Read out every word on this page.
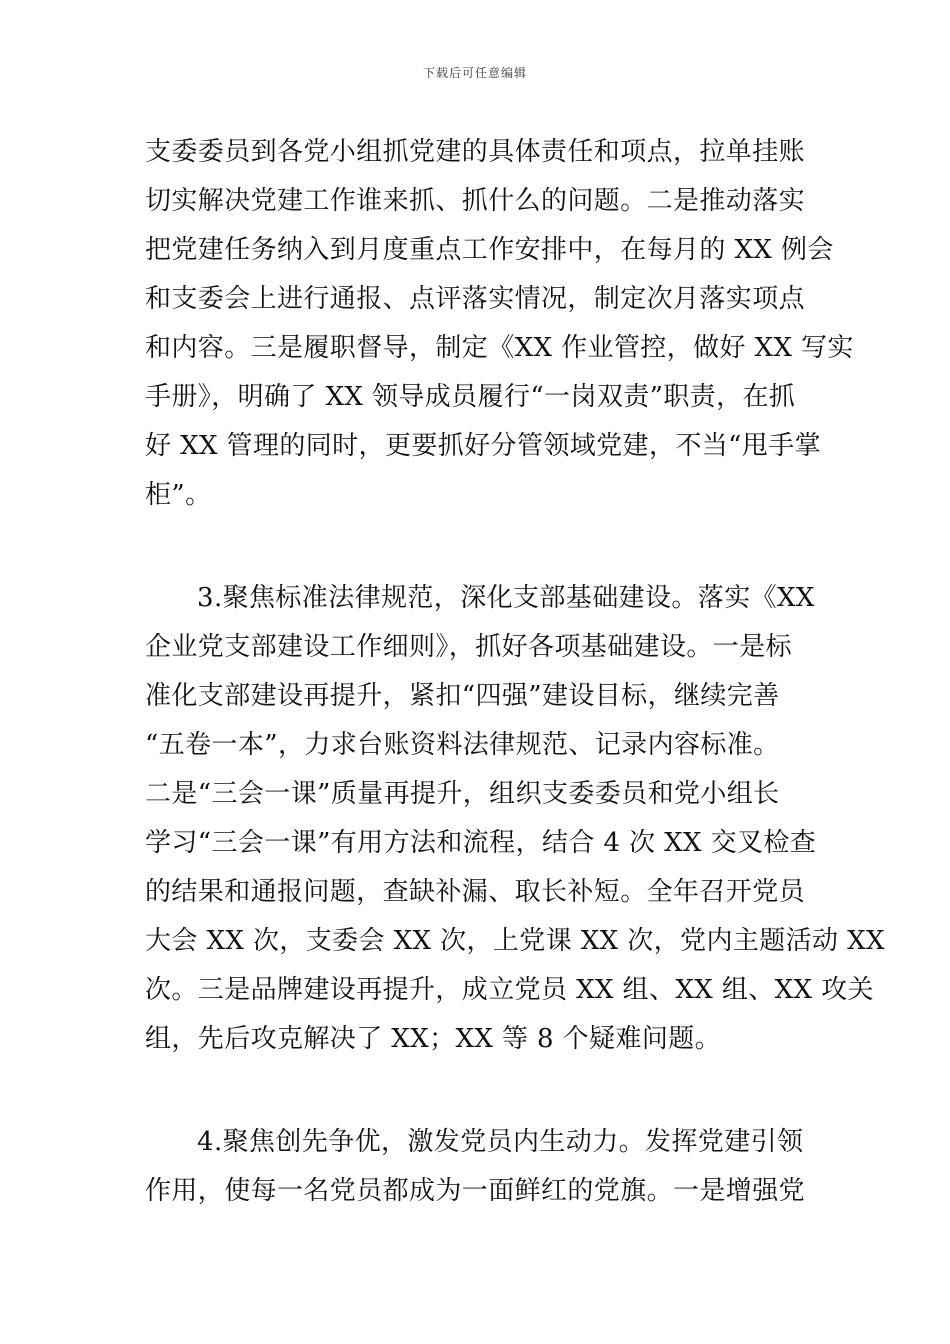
下载后可任意编辑
支委委员到各党小组抓党建的具体责任和项点，拉单挂账
切实解决党建工作谁来抓、抓什么的问题。二是推动落实
把党建任务纳入到月度重点工作安排中，在每月的 XX 例会
和支委会上进行通报、点评落实情况，制定次月落实项点
和内容。三是履职督导，制定《XX 作业管控，做好 XX 写实
手册》，明确了 XX 领导成员履行“一岗双责”职责，在抓
好 XX 管理的同时，更要抓好分管领域党建，不当“甩手掌
柜”。
3.聚焦标准法律规范，深化支部基础建设。落实《XX
企业党支部建设工作细则》，抓好各项基础建设。一是标
准化支部建设再提升，紧扣“四强”建设目标，继续完善
“五卷一本”，力求台账资料法律规范、记录内容标准。
二是“三会一课”质量再提升，组织支委委员和党小组长
学习“三会一课”有用方法和流程，结合 4 次 XX 交叉检查
的结果和通报问题，查缺补漏、取长补短。全年召开党员
大会 XX 次，支委会 XX 次，上党课 XX 次，党内主题活动 XX
次。三是品牌建设再提升，成立党员 XX 组、XX 组、XX 攻关
组，先后攻克解决了 XX；XX 等 8 个疑难问题。
4.聚焦创先争优，激发党员内生动力。发挥党建引领
作用，使每一名党员都成为一面鲜红的党旗。一是增强党
